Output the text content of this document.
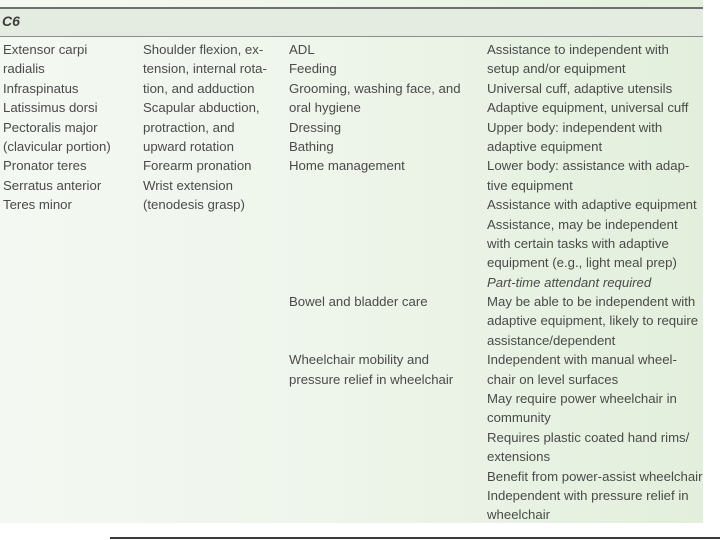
C6
Extensor carpi
radialis
Infraspinatus
Latissimus dorsi
Pectoralis major
(clavicular portion)
Pronator teres
Serratus anterior
Teres minor
Shoulder flexion, ex-
tension, internal rota-
tion, and adduction
Scapular abduction,
protraction, and
upward rotation
Forearm pronation
Wrist extension
(tenodesis grasp)
ADL
Feeding
Grooming, washing face, and
oral hygiene
Dressing
Bathing
Home management
Bowel and bladder care
Wheelchair mobility and
pressure relief in wheelchair
Assistance to independent with
setup and/or equipment
Universal cuff, adaptive utensils
Adaptive equipment, universal cuff
Upper body: independent with
adaptive equipment
Lower body: assistance with adap-
tive equipment
Assistance with adaptive equipment
Assistance, may be independent
with certain tasks with adaptive
equipment (e.g., light meal prep)
Part-time attendant required
May be able to be independent with
adaptive equipment, likely to require
assistance/dependent
Independent with manual wheel-
chair on level surfaces
May require power wheelchair in
community
Requires plastic coated hand rims/
extensions
Benefit from power-assist wheelchair
Independent with pressure relief in
wheelchair
